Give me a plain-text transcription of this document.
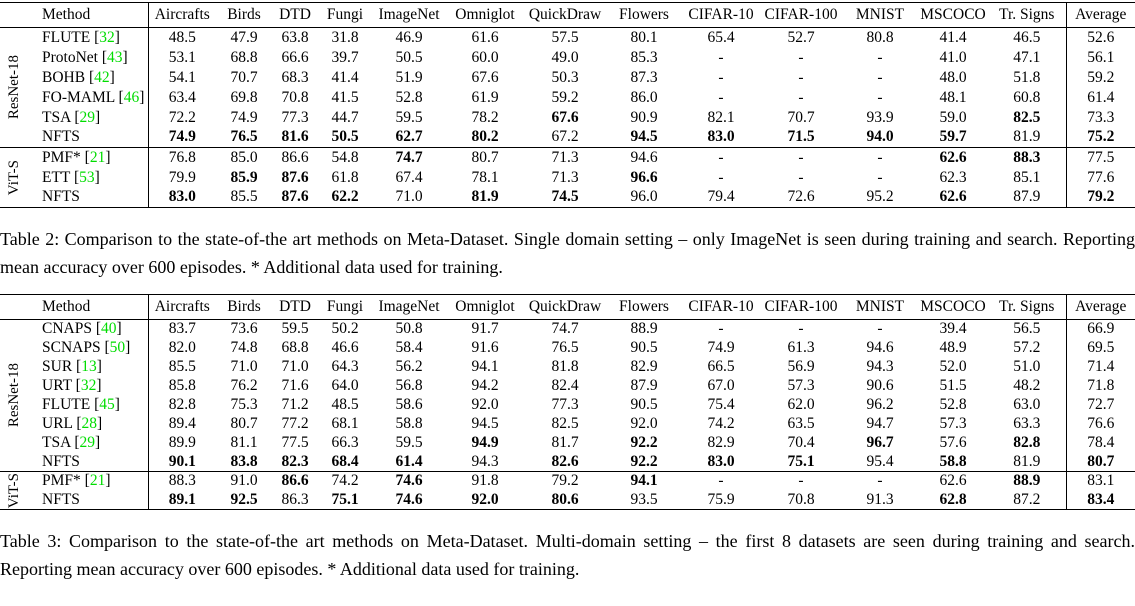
	Method	Aircrafts	Birds	DTD	Fungi	ImageNet	Omniglot	QuickDraw	Flowers	CIFAR-10	CIFAR-100	MNIST	MSCOCO	Tr. Signs	Average

ResNet-18	FLUTE [32]	48.5	47.9	63.8	31.8	46.9	61.6	57.5	80.1	65.4	52.7	80.8	41.4	46.5	52.6
	ProtoNet [43]	53.1	68.8	66.6	39.7	50.5	60.0	49.0	85.3	-	-	-	41.0	47.1	56.1
	BOHB [42]	54.1	70.7	68.3	41.4	51.9	67.6	50.3	87.3	-	-	-	48.0	51.8	59.2
	FO-MAML [46]	63.4	69.8	70.8	41.5	52.8	61.9	59.2	86.0	-	-	-	48.1	60.8	61.4
	TSA [29]	72.2	74.9	77.3	44.7	59.5	78.2	67.6	90.9	82.1	70.7	93.9	59.0	82.5	73.3
	NFTS	74.9	76.5	81.6	50.5	62.7	80.2	67.2	94.5	83.0	71.5	94.0	59.7	81.9	75.2

ViT-S	PMF* [21]	76.8	85.0	86.6	54.8	74.7	80.7	71.3	94.6	-	-	-	62.6	88.3	77.5
	ETT [53]	79.9	85.9	87.6	61.8	67.4	78.1	71.3	96.6	-	-	-	62.3	85.1	77.6
	NFTS	83.0	85.5	87.6	62.2	71.0	81.9	74.5	96.0	79.4	72.6	95.2	62.6	87.9	79.2

Table 2: Comparison to the state-of-the art methods on Meta-Dataset. Single domain setting – only ImageNet is seen during training and search. Reporting mean accuracy over 600 episodes. * Additional data used for training.

	Method	Aircrafts	Birds	DTD	Fungi	ImageNet	Omniglot	QuickDraw	Flowers	CIFAR-10	CIFAR-100	MNIST	MSCOCO	Tr. Signs	Average

ResNet-18	CNAPS [40]	83.7	73.6	59.5	50.2	50.8	91.7	74.7	88.9	-	-	-	39.4	56.5	66.9
	SCNAPS [50]	82.0	74.8	68.8	46.6	58.4	91.6	76.5	90.5	74.9	61.3	94.6	48.9	57.2	69.5
	SUR [13]	85.5	71.0	71.0	64.3	56.2	94.1	81.8	82.9	66.5	56.9	94.3	52.0	51.0	71.4
	URT [32]	85.8	76.2	71.6	64.0	56.8	94.2	82.4	87.9	67.0	57.3	90.6	51.5	48.2	71.8
	FLUTE [45]	82.8	75.3	71.2	48.5	58.6	92.0	77.3	90.5	75.4	62.0	96.2	52.8	63.0	72.7
	URL [28]	89.4	80.7	77.2	68.1	58.8	94.5	82.5	92.0	74.2	63.5	94.7	57.3	63.3	76.6
	TSA [29]	89.9	81.1	77.5	66.3	59.5	94.9	81.7	92.2	82.9	70.4	96.7	57.6	82.8	78.4
	NFTS	90.1	83.8	82.3	68.4	61.4	94.3	82.6	92.2	83.0	75.1	95.4	58.8	81.9	80.7

ViT-S	PMF* [21]	88.3	91.0	86.6	74.2	74.6	91.8	79.2	94.1	-	-	-	62.6	88.9	83.1
	NFTS	89.1	92.5	86.3	75.1	74.6	92.0	80.6	93.5	75.9	70.8	91.3	62.8	87.2	83.4

Table 3: Comparison to the state-of-the art methods on Meta-Dataset. Multi-domain setting – the first 8 datasets are seen during training and search. Reporting mean accuracy over 600 episodes. * Additional data used for training.
